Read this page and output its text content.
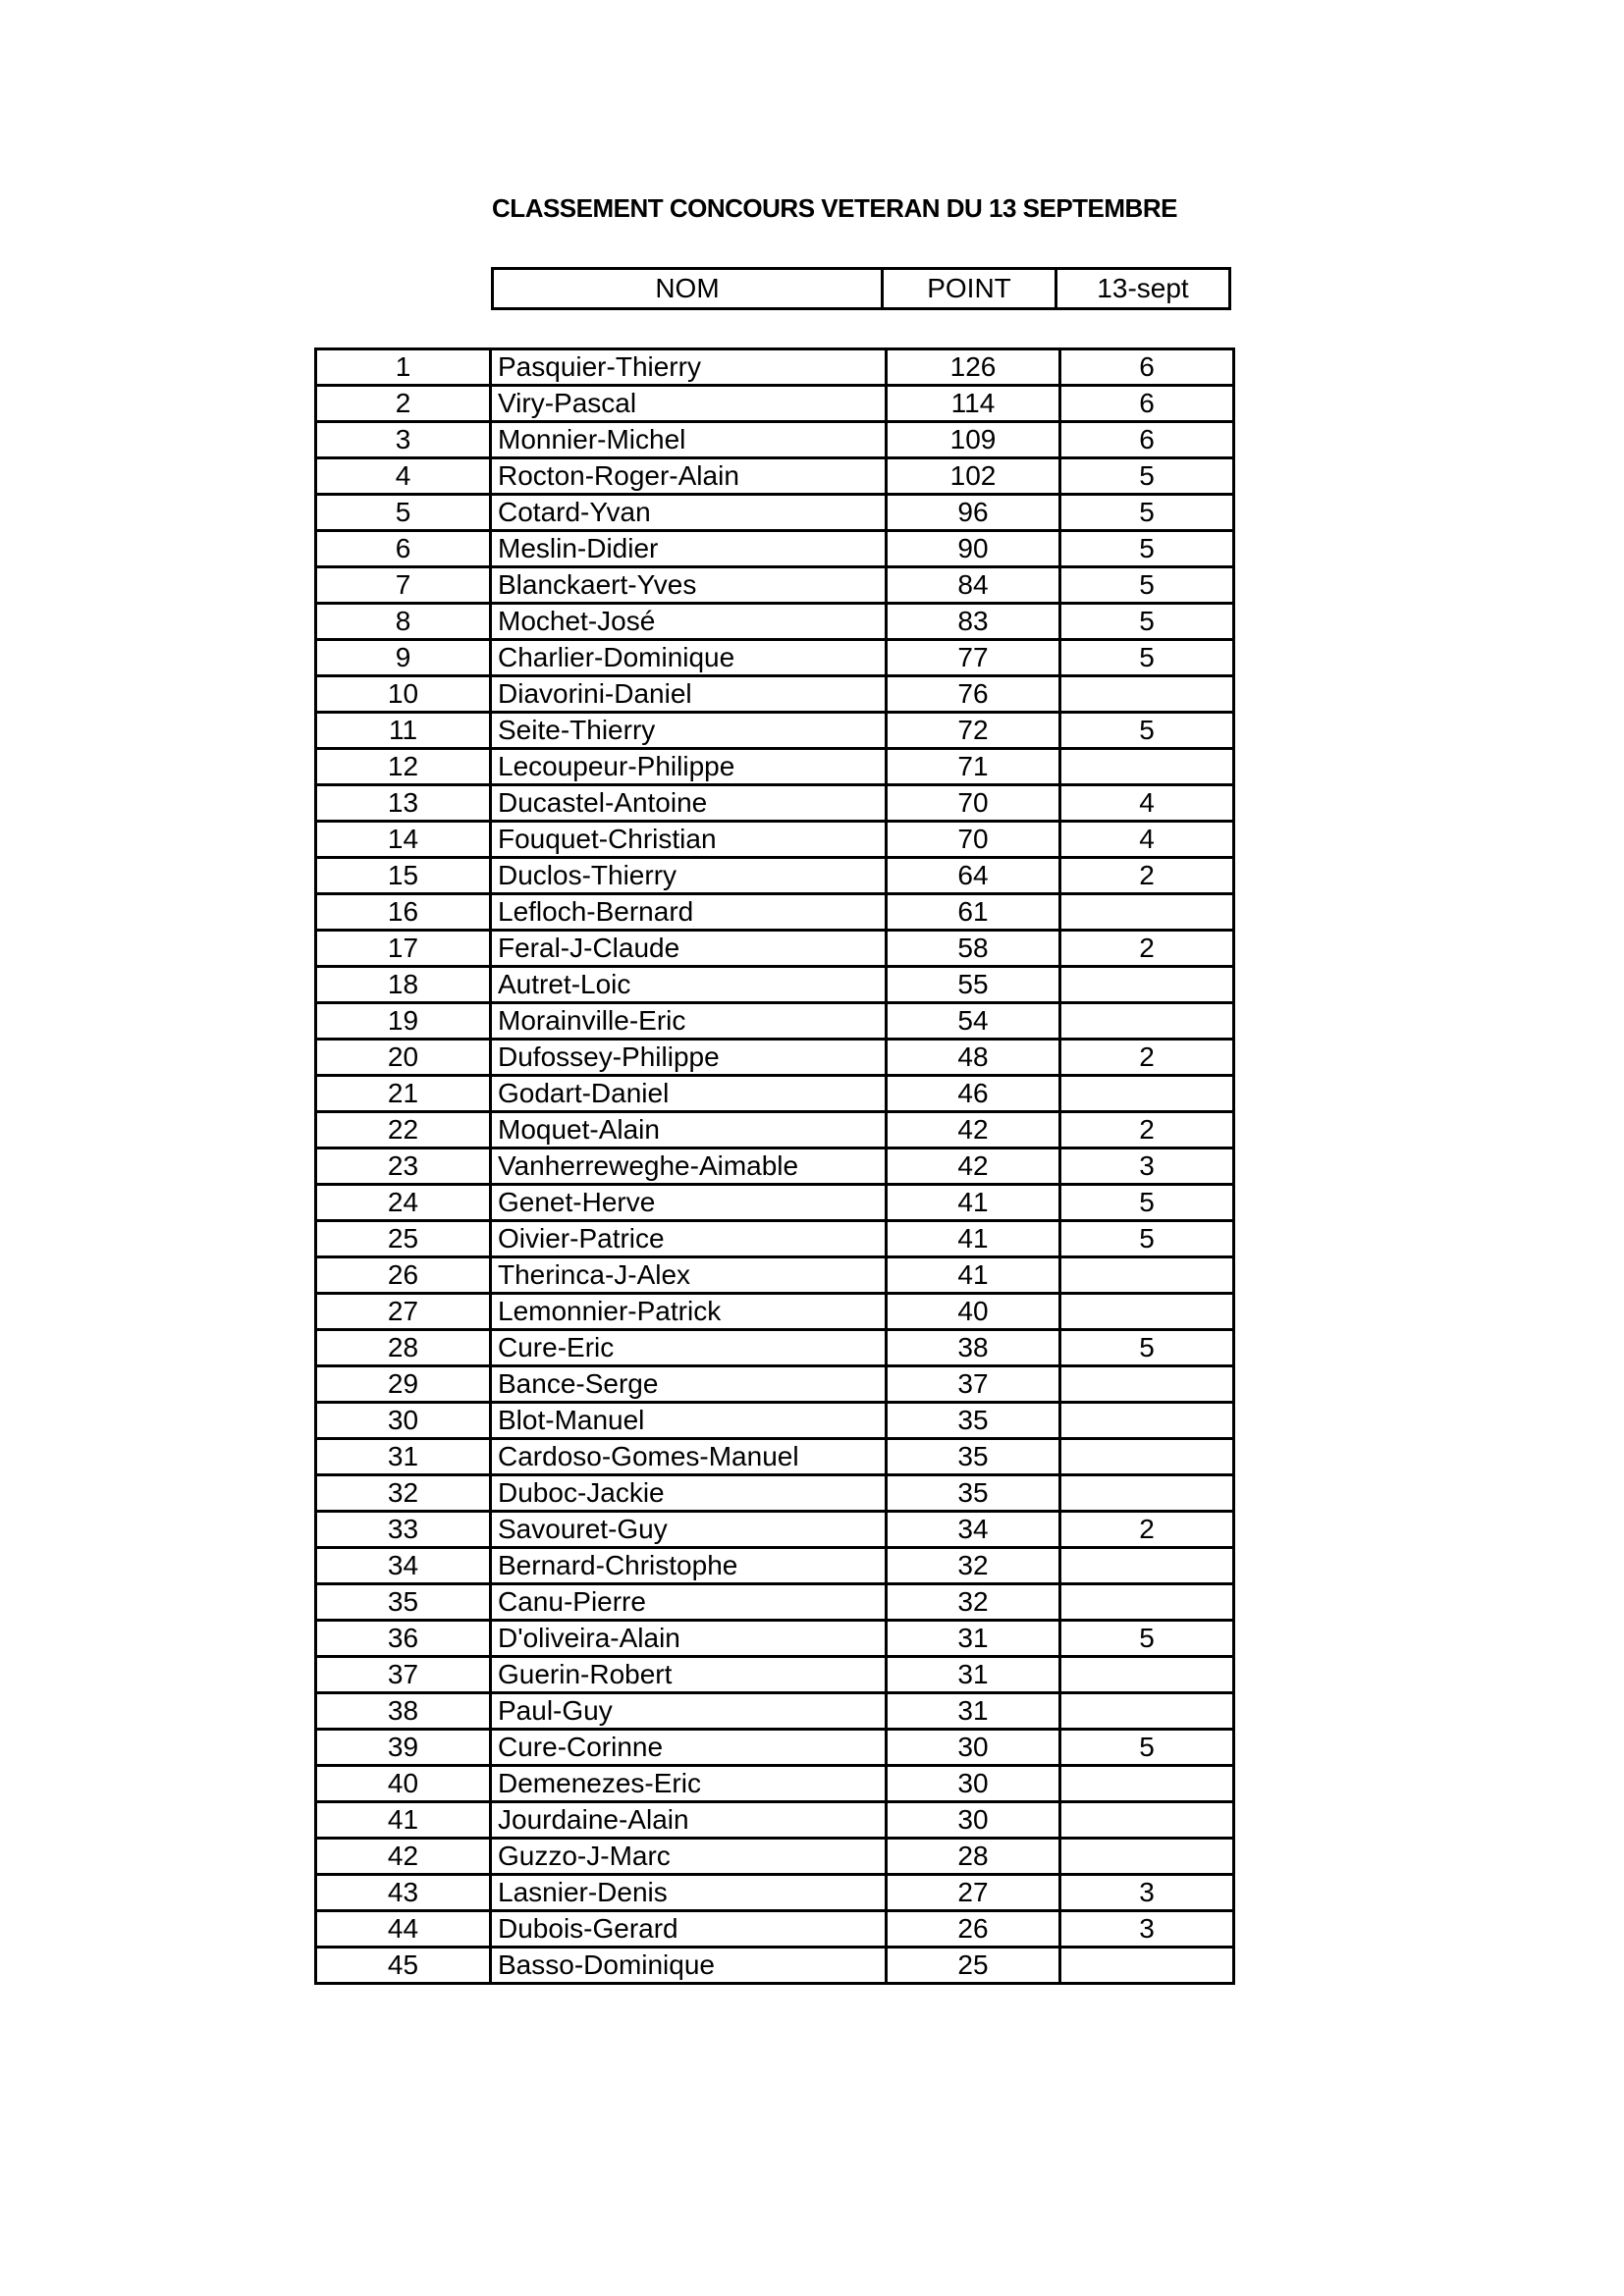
CLASSEMENT CONCOURS VETERAN DU 13 SEPTEMBRE
NOM	POINT	13-sept
1	Pasquier-Thierry	126	6
2	Viry-Pascal	114	6
3	Monnier-Michel	109	6
4	Rocton-Roger-Alain	102	5
5	Cotard-Yvan	96	5
6	Meslin-Didier	90	5
7	Blanckaert-Yves	84	5
8	Mochet-José	83	5
9	Charlier-Dominique	77	5
10	Diavorini-Daniel	76	
11	Seite-Thierry	72	5
12	Lecoupeur-Philippe	71	
13	Ducastel-Antoine	70	4
14	Fouquet-Christian	70	4
15	Duclos-Thierry	64	2
16	Lefloch-Bernard	61	
17	Feral-J-Claude	58	2
18	Autret-Loic	55	
19	Morainville-Eric	54	
20	Dufossey-Philippe	48	2
21	Godart-Daniel	46	
22	Moquet-Alain	42	2
23	Vanherreweghe-Aimable	42	3
24	Genet-Herve	41	5
25	Oivier-Patrice	41	5
26	Therinca-J-Alex	41	
27	Lemonnier-Patrick	40	
28	Cure-Eric	38	5
29	Bance-Serge	37	
30	Blot-Manuel	35	
31	Cardoso-Gomes-Manuel	35	
32	Duboc-Jackie	35	
33	Savouret-Guy	34	2
34	Bernard-Christophe	32	
35	Canu-Pierre	32	
36	D'oliveira-Alain	31	5
37	Guerin-Robert	31	
38	Paul-Guy	31	
39	Cure-Corinne	30	5
40	Demenezes-Eric	30	
41	Jourdaine-Alain	30	
42	Guzzo-J-Marc	28	
43	Lasnier-Denis	27	3
44	Dubois-Gerard	26	3
45	Basso-Dominique	25	
